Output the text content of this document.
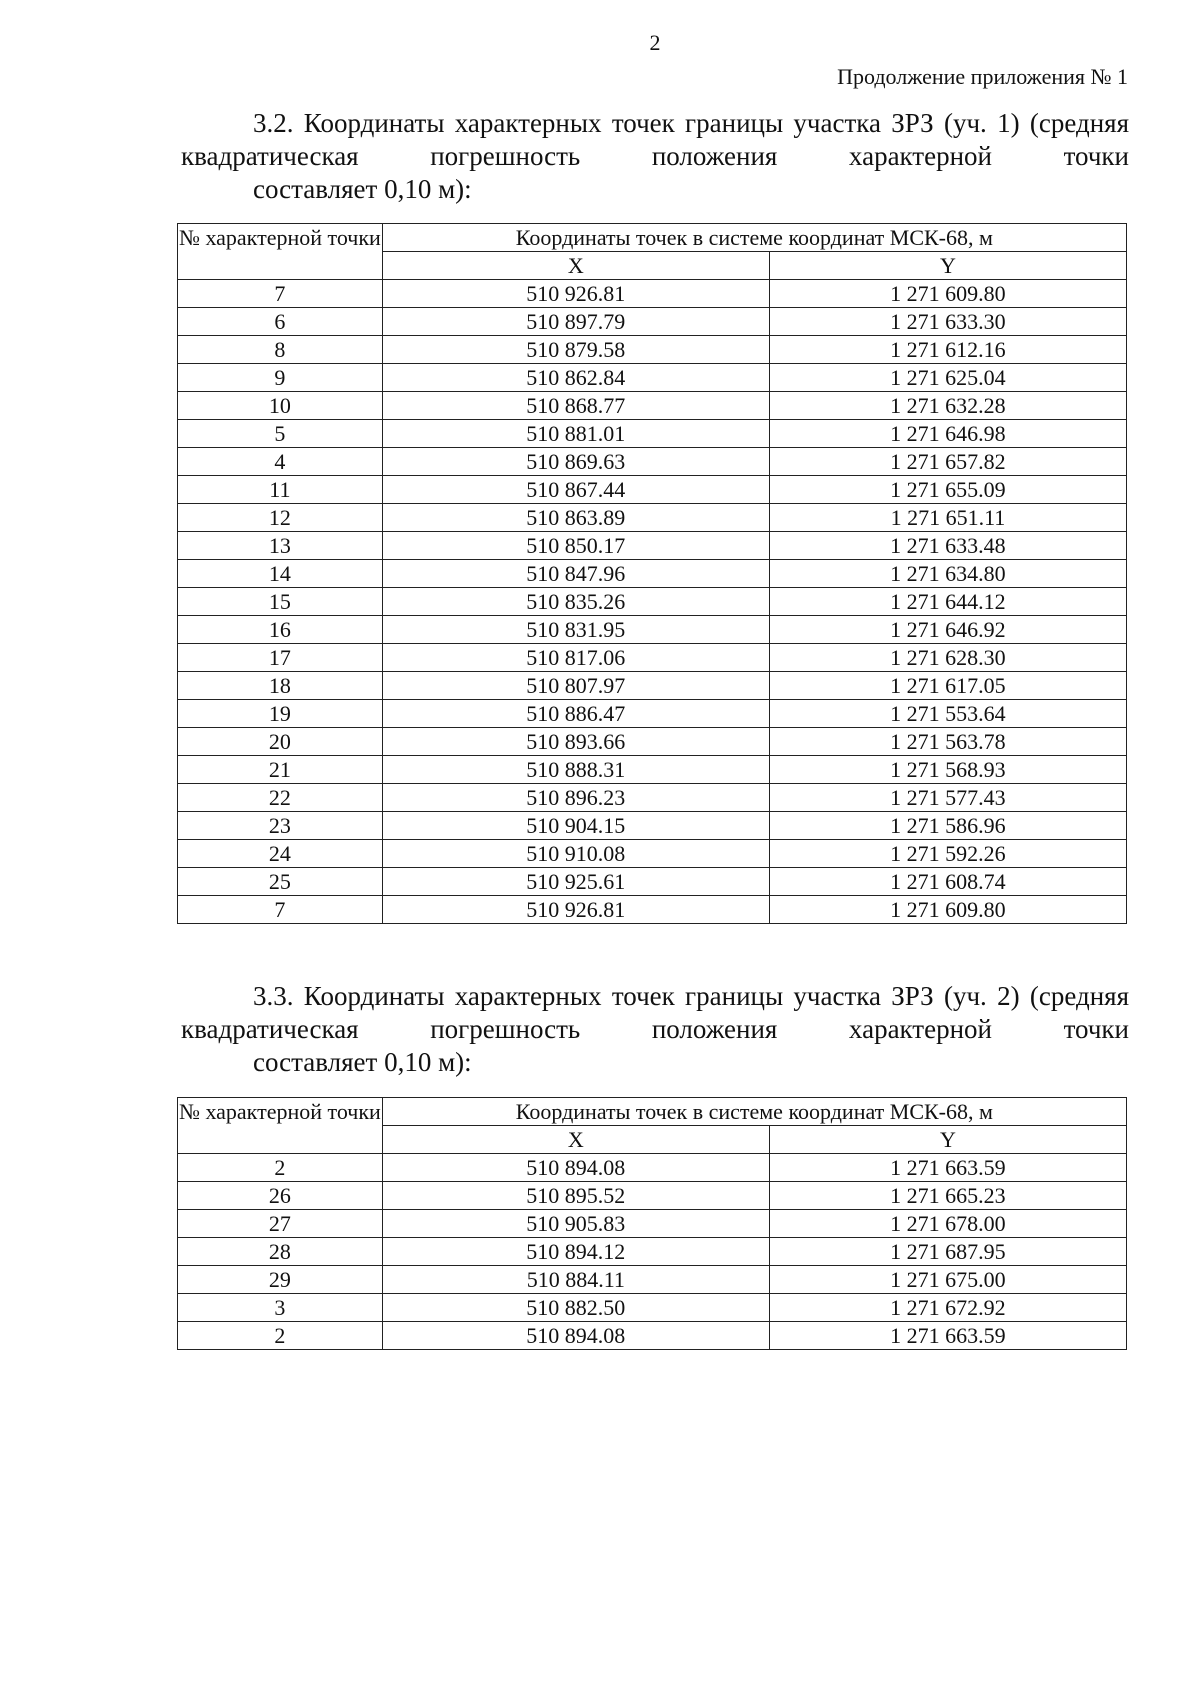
2
Продолжение приложения № 1

3.2. Координаты характерных точек границы участка ЗРЗ (уч. 1) (средняя квадратическая погрешность положения характерной точки
составляет 0,10 м):

№ характерной точки	Координаты точек в системе координат МСК-68, м	
	X	Y
7	510 926.81	1 271 609.80
6	510 897.79	1 271 633.30
8	510 879.58	1 271 612.16
9	510 862.84	1 271 625.04
10	510 868.77	1 271 632.28
5	510 881.01	1 271 646.98
4	510 869.63	1 271 657.82
11	510 867.44	1 271 655.09
12	510 863.89	1 271 651.11
13	510 850.17	1 271 633.48
14	510 847.96	1 271 634.80
15	510 835.26	1 271 644.12
16	510 831.95	1 271 646.92
17	510 817.06	1 271 628.30
18	510 807.97	1 271 617.05
19	510 886.47	1 271 553.64
20	510 893.66	1 271 563.78
21	510 888.31	1 271 568.93
22	510 896.23	1 271 577.43
23	510 904.15	1 271 586.96
24	510 910.08	1 271 592.26
25	510 925.61	1 271 608.74
7	510 926.81	1 271 609.80

3.3. Координаты характерных точек границы участка ЗРЗ (уч. 2) (средняя квадратическая погрешность положения характерной точки
составляет 0,10 м):

№ характерной точки	Координаты точек в системе координат МСК-68, м	
	X	Y
2	510 894.08	1 271 663.59
26	510 895.52	1 271 665.23
27	510 905.83	1 271 678.00
28	510 894.12	1 271 687.95
29	510 884.11	1 271 675.00
3	510 882.50	1 271 672.92
2	510 894.08	1 271 663.59
